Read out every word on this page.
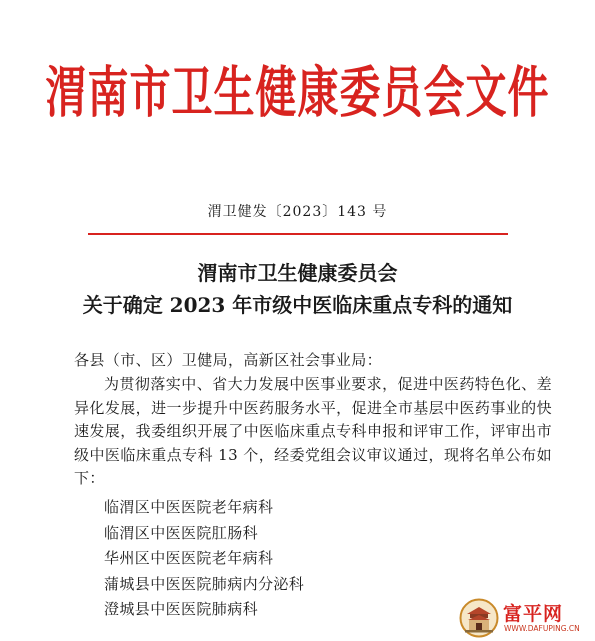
渭南市卫生健康委员会文件
渭卫健发〔2023〕143 号
渭南市卫生健康委员会
关于确定 2023 年市级中医临床重点专科的通知
各县（市、区）卫健局，高新区社会事业局：

为贯彻落实中、省大力发展中医事业要求，促进中医药特色化、差异化发展，进一步提升中医药服务水平，促进全市基层中医药事业的快速发展，我委组织开展了中医临床重点专科申报和评审工作，评审出市级中医临床重点专科 13 个，经委党组会议审议通过，现将名单公布如下：

临渭区中医医院老年病科
临渭区中医医院肛肠科
华州区中医医院老年病科
蒲城县中医医院肺病内分泌科
澄城县中医医院肺病科	富平网
WWW.DAFUPING.CN
